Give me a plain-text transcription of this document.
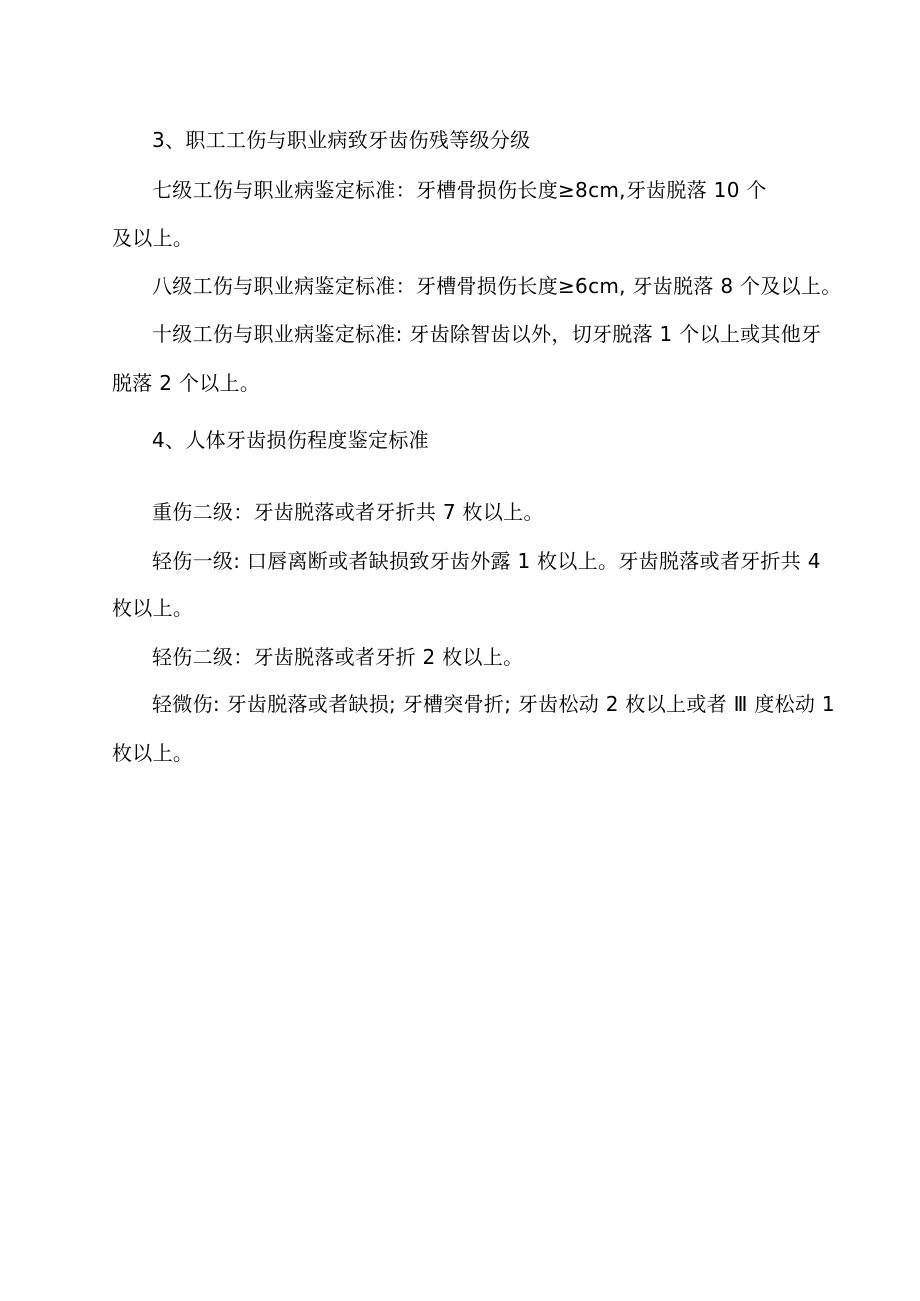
3、职工工伤与职业病致牙齿伤残等级分级
七级工伤与职业病鉴定标准：牙槽骨损伤长度≥8cm,牙齿脱落 10 个
及以上。
八级工伤与职业病鉴定标准：牙槽骨损伤长度≥6cm, 牙齿脱落 8 个及以上。
十级工伤与职业病鉴定标准: 牙齿除智齿以外，切牙脱落 1 个以上或其他牙
脱落 2 个以上。
4、人体牙齿损伤程度鉴定标准
重伤二级：牙齿脱落或者牙折共 7 枚以上。
轻伤一级: 口唇离断或者缺损致牙齿外露 1 枚以上。牙齿脱落或者牙折共 4
枚以上。
轻伤二级：牙齿脱落或者牙折 2 枚以上。
轻微伤: 牙齿脱落或者缺损; 牙槽突骨折; 牙齿松动 2 枚以上或者 Ⅲ 度松动 1
枚以上。
